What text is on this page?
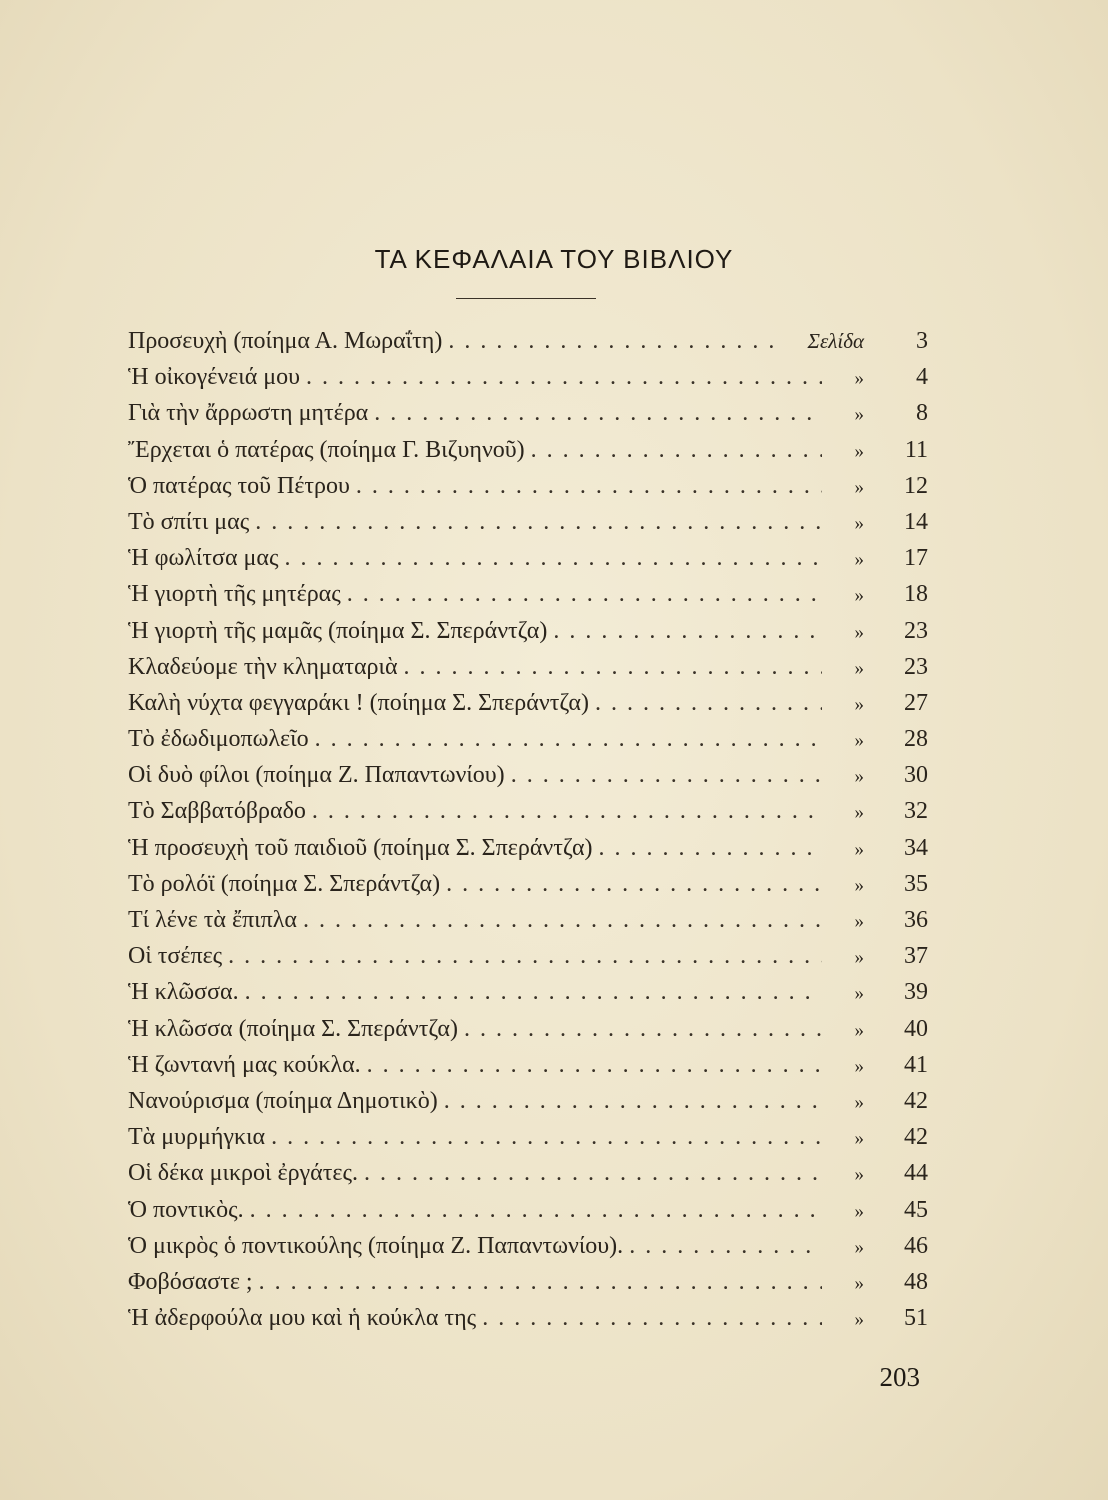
ΤΑ ΚΕΦΑΛΑΙΑ ΤΟΥ ΒΙΒΛΙΟΥ
Προσευχὴ (ποίημα Α. Μωραΐτη) . . .	Σελίδα	3
Ἡ οἰκογένειά μου . . .	»	4
Γιὰ τὴν ἄρρωστη μητέρα . . .	»	8
Ἔρχεται ὁ πατέρας (ποίημα Γ. Βιζυηνοῦ) . . .	»	11
Ὁ πατέρας τοῦ Πέτρου . . .	»	12
Τὸ σπίτι μας . . .	»	14
Ἡ φωλίτσα μας . . .	»	17
Ἡ γιορτὴ τῆς μητέρας . . .	»	18
Ἡ γιορτὴ τῆς μαμᾶς (ποίημα Σ. Σπεράντζα) . . .	»	23
Κλαδεύομε τὴν κληματαριὰ . . .	»	23
Καλὴ νύχτα φεγγαράκι ! (ποίημα Σ. Σπεράντζα) . . .	»	27
Τὸ ἐδωδιμοπωλεῖο . . .	»	28
Οἱ δυὸ φίλοι (ποίημα Ζ. Παπαντωνίου) . . .	»	30
Τὸ Σαββατόβραδο . . .	»	32
Ἡ προσευχὴ τοῦ παιδιοῦ (ποίημα Σ. Σπεράντζα) . . .	»	34
Τὸ ρολόϊ (ποίημα Σ. Σπεράντζα) . . .	»	35
Τί λένε τὰ ἔπιπλα . . .	»	36
Οἱ τσέπες . . .	»	37
Ἡ κλῶσσα. . . .	»	39
Ἡ κλῶσσα (ποίημα Σ. Σπεράντζα) . . .	»	40
Ἡ ζωντανή μας κούκλα. . . .	»	41
Νανούρισμα (ποίημα Δημοτικὸ) . . .	»	42
Τὰ μυρμήγκια . . .	»	42
Οἱ δέκα μικροὶ ἐργάτες. . . .	»	44
Ὁ ποντικὸς. . . .	»	45
Ὁ μικρὸς ὁ ποντικούλης (ποίημα Ζ. Παπαντωνίου). . . .	»	46
Φοβόσαστε ; . . .	»	48
Ἡ ἀδερφούλα μου καὶ ἡ κούκλα της . . .	»	51
203
